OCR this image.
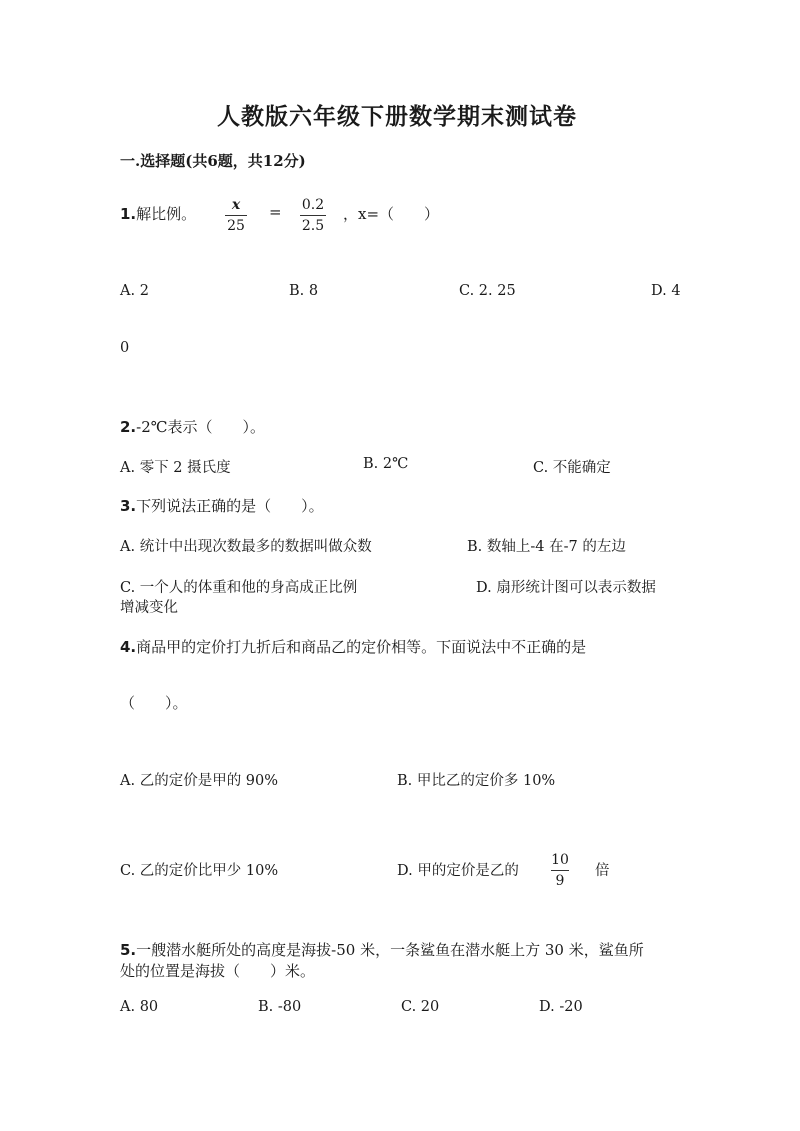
人教版六年级下册数学期末测试卷
一.选择题(共6题，共12分)
1.解比例。	x
25
= 0.2
2.5
，x=（　　）
A. 2	B. 8	C. 2. 25	D. 4
0
2.-2℃表示（　　）。
A. 零下 2 摄氏度	B. 2℃	C. 不能确定
3.下列说法正确的是（　　）。
A. 统计中出现次数最多的数据叫做众数	B. 数轴上-4 在-7 的左边
C. 一个人的体重和他的身高成正比例	D. 扇形统计图可以表示数据
增减变化
4.商品甲的定价打九折后和商品乙的定价相等。下面说法中不正确的是
（　　）。
A. 乙的定价是甲的 90%	B. 甲比乙的定价多 10%
C. 乙的定价比甲少 10%	D. 甲的定价是乙的
10
9
倍
5.一艘潜水艇所处的高度是海拔-50 米，一条鲨鱼在潜水艇上方 30 米，鲨鱼所
处的位置是海拔（　　）米。
A. 80	B. -80	C. 20	D. -20
